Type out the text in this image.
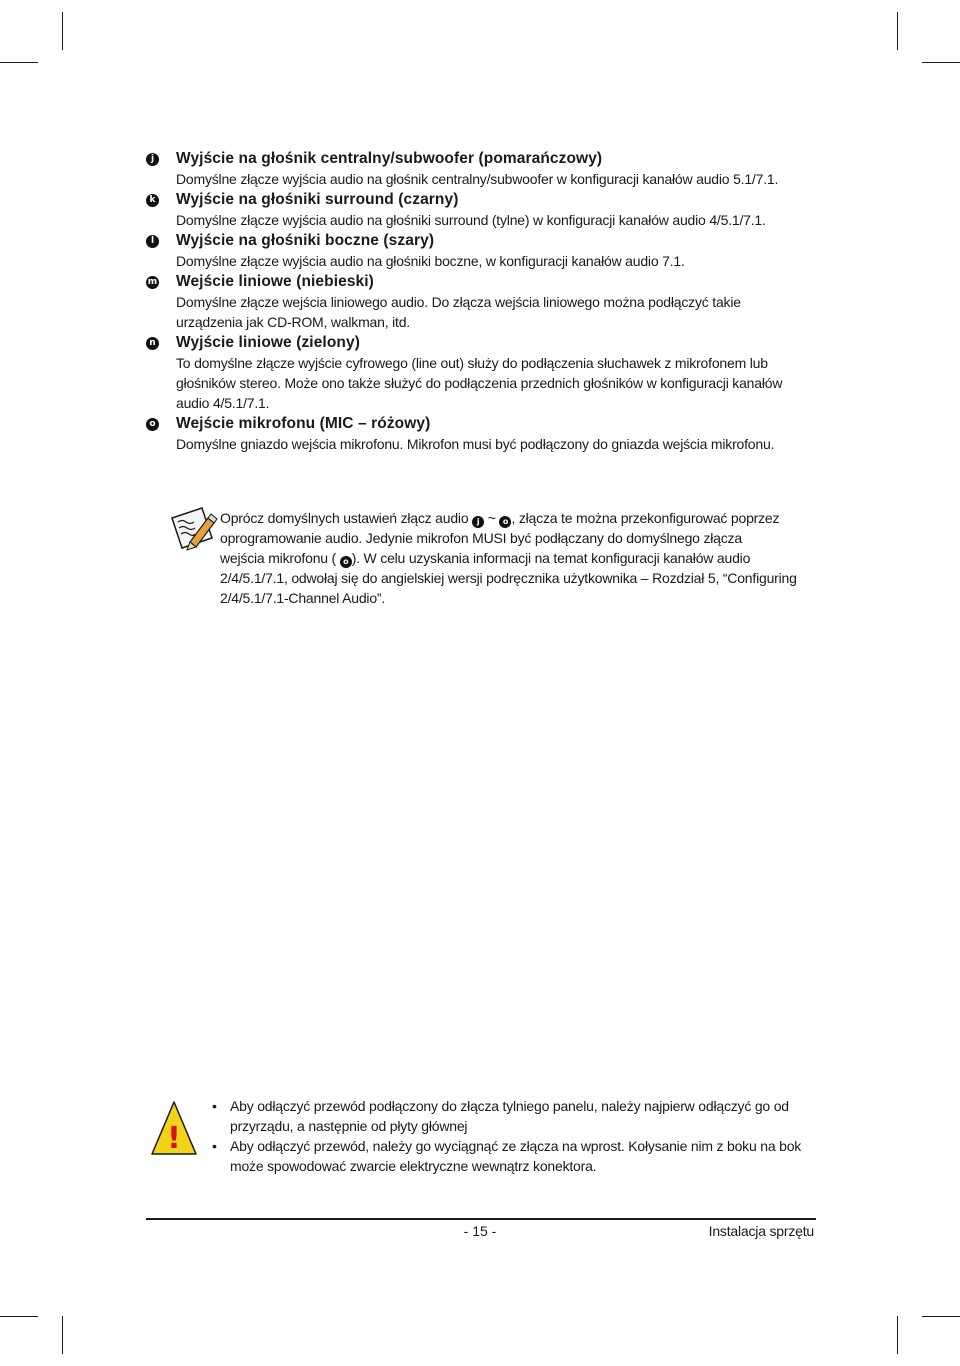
j	Wyjście na głośnik centralny/subwoofer (pomarańczowy)
Domyślne złącze wyjścia audio na głośnik centralny/subwoofer w konfiguracji kanałów audio 5.1/7.1.
k Wyjście na głośniki surround (czarny)
Domyślne złącze wyjścia audio na głośniki surround (tylne) w konfiguracji kanałów audio 4/5.1/7.1.
l	Wyjście na głośniki boczne (szary)
Domyślne złącze wyjścia audio na głośniki boczne, w konfiguracji kanałów audio 7.1.
m Wejście liniowe (niebieski)
Domyślne złącze wejścia liniowego audio. Do złącza wejścia liniowego można podłączyć takie
urządzenia jak CD-ROM, walkman, itd.
n Wyjście liniowe (zielony)
To domyślne złącze wyjście cyfrowego (line out) służy do podłączenia słuchawek z mikrofonem lub
głośników stereo. Może ono także służyć do podłączenia przednich głośników w konfiguracji kanałów
audio 4/5.1/7.1.
o Wejście mikrofonu (MIC – różowy)
Domyślne gniazdo wejścia mikrofonu. Mikrofon musi być podłączony do gniazda wejścia mikrofonu.
Oprócz domyślnych ustawień złącz audio j ~ o , złącza te można przekonfigurować poprzez
oprogramowanie audio. Jedynie mikrofon MUSI być podłączany do domyślnego złącza
wejścia mikrofonu ( o ). W celu uzyskania informacji na temat konfiguracji kanałów audio
2/4/5.1/7.1, odwołaj się do angielskiej wersji podręcznika użytkownika – Rozdział 5, “Configuring
2/4/5.1/7.1-Channel Audio”.
!
• Aby odłączyć przewód podłączony do złącza tylniego panelu, należy najpierw odłączyć go od
przyrządu, a następnie od płyty głównej
• Aby odłączyć przewód, należy go wyciągnąć ze złącza na wprost. Kołysanie nim z boku na bok
może spowodować zwarcie elektryczne wewnątrz konektora.
- 15 -	Instalacja sprzętu
